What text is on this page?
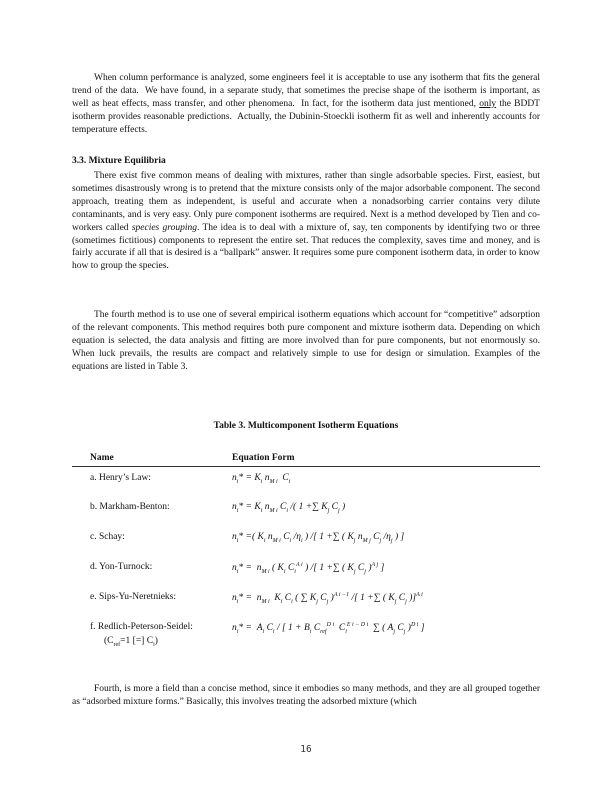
When column performance is analyzed, some engineers feel it is acceptable to use any isotherm that fits the general trend of the data.  We have found, in a separate study, that sometimes the precise shape of the isotherm is important, as well as heat effects, mass transfer, and other phenomena.  In fact, for the isotherm data just mentioned, only the BDDT isotherm provides reasonable predictions.  Actually, the Dubinin-Stoeckli isotherm fit as well and inherently accounts for temperature effects.

3.3. Mixture Equilibria

There exist five common means of dealing with mixtures, rather than single adsorbable species. First, easiest, but sometimes disastrously wrong is to pretend that the mixture consists only of the major adsorbable component. The second approach, treating them as independent, is useful and accurate when a nonadsorbing carrier contains very dilute contaminants, and is very easy. Only pure component isotherms are required. Next is a method developed by Tien and co-workers called species grouping. The idea is to deal with a mixture of, say, ten components by identifying two or three (sometimes fictitious) components to represent the entire set. That reduces the complexity, saves time and money, and is fairly accurate if all that is desired is a “ballpark” answer. It requires some pure component isotherm data, in order to know how to group the species.

The fourth method is to use one of several empirical isotherm equations which account for “competitive” adsorption of the relevant components. This method requires both pure component and mixture isotherm data. Depending on which equation is selected, the data analysis and fitting are more involved than for pure components, but not enormously so. When luck prevails, the results are compact and relatively simple to use for design or simulation. Examples of the equations are listed in Table 3.

Table 3. Multicomponent Isotherm Equations
Name	Equation Form
a. Henry’s Law:	$n_i* = K_i$ $n_{M i}$  $C_i$
b. Markham-Benton:	$n_i* = K_i$ $n_{M i}$ $C_i$ /( 1 +∑ $K_j$ $C_j$ )
c. Schay:	$n_i*$ =( $K_i$ $n_{M i}$ $C_i$ $/\eta_i$ ) /[ 1 +∑ ( $K_j$ $n_{M j}$ $C_j$ $/\eta_j$ ) ]
d. Yon-Turnock:	$n_i* = n_{M i}$ ( $K_i$ $C_i^{A i}$ ) /[ 1 +∑ ( $K_j$ $C_j$ )$^{A j}$ ]
e. Sips-Yu-Neretnieks:	$n_i* = n_{M i}$  $K_i$ $C_i$ ( ∑ $K_j$ $C_j$ )$^{A i -1}$ /[ 1 +∑ ( $K_j$ $C_j$ )]$^{A i}$
f. Redlich-Peterson-Seidel:	$n_i* = A_i$ $C_i$ / [ $1 + B_i$ $C_{ref}^{D i}$  $C_i^{E i - D i}$  ∑ ( $A_j$ $C_j$ )$^{D i}$ ]
($C_{ref}=1$ [=] $C_i$)

Fourth, is more a field than a concise method, since it embodies so many methods, and they are all grouped together as “adsorbed mixture forms.” Basically, this involves treating the adsorbed mixture (which

16
